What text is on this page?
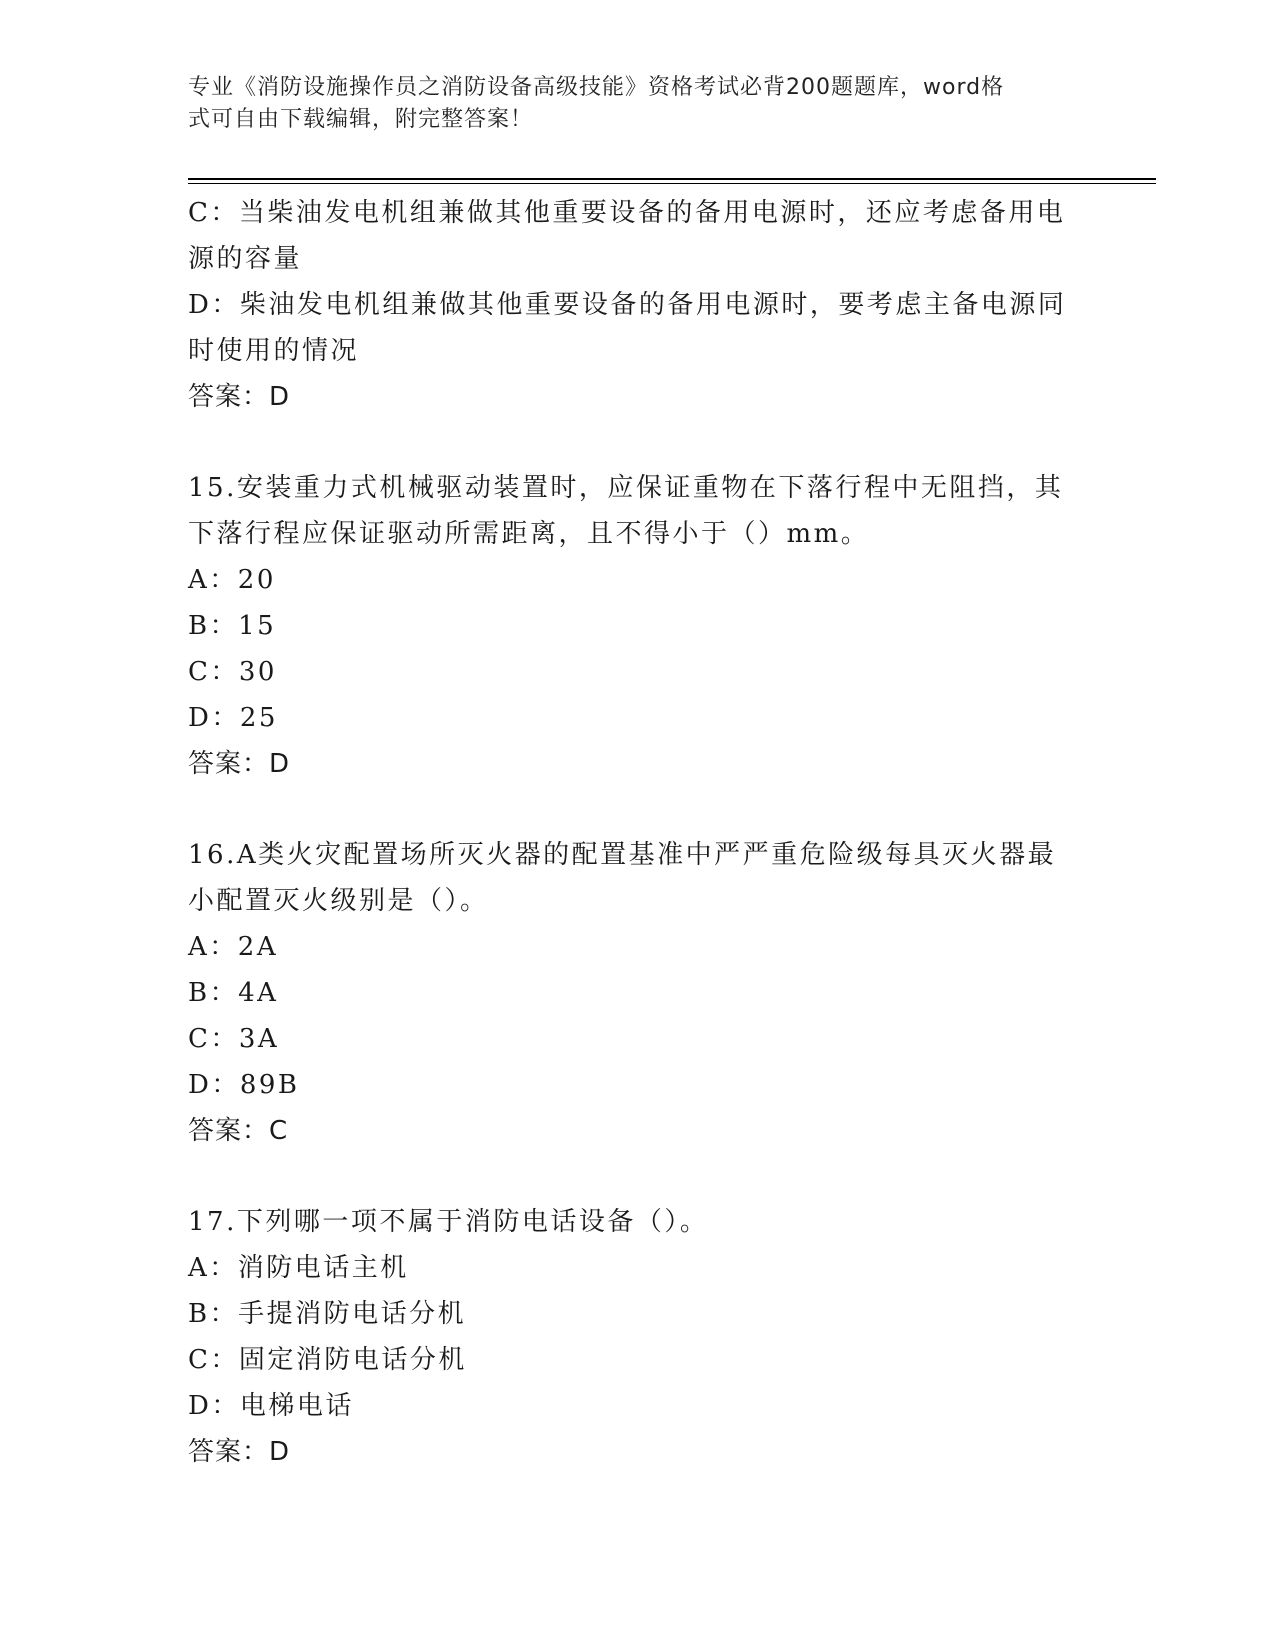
专业《消防设施操作员之消防设备高级技能》资格考试必背200题题库，word格
式可自由下载编辑，附完整答案！
C：当柴油发电机组兼做其他重要设备的备用电源时，还应考虑备用电
源的容量
D：柴油发电机组兼做其他重要设备的备用电源时，要考虑主备电源同
时使用的情况
答案：D
15.安装重力式机械驱动装置时，应保证重物在下落行程中无阻挡，其
下落行程应保证驱动所需距离，且不得小于（）mm。
A：20
B：15
C：30
D：25
答案：D
16.A类火灾配置场所灭火器的配置基准中严严重危险级每具灭火器最
小配置灭火级别是（）。
A：2A
B：4A
C：3A
D：89B
答案：C
17.下列哪一项不属于消防电话设备（）。
A：消防电话主机
B：手提消防电话分机
C：固定消防电话分机
D：电梯电话
答案：D
